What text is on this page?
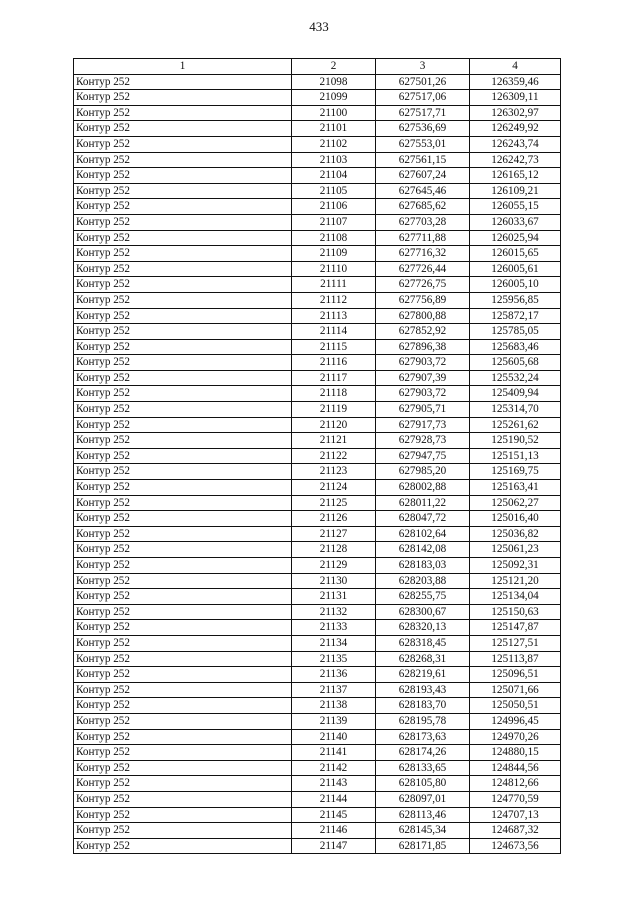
433
1	2	3	4
Контур 252	21098	627501,26	126359,46
Контур 252	21099	627517,06	126309,11
Контур 252	21100	627517,71	126302,97
Контур 252	21101	627536,69	126249,92
Контур 252	21102	627553,01	126243,74
Контур 252	21103	627561,15	126242,73
Контур 252	21104	627607,24	126165,12
Контур 252	21105	627645,46	126109,21
Контур 252	21106	627685,62	126055,15
Контур 252	21107	627703,28	126033,67
Контур 252	21108	627711,88	126025,94
Контур 252	21109	627716,32	126015,65
Контур 252	21110	627726,44	126005,61
Контур 252	21111	627726,75	126005,10
Контур 252	21112	627756,89	125956,85
Контур 252	21113	627800,88	125872,17
Контур 252	21114	627852,92	125785,05
Контур 252	21115	627896,38	125683,46
Контур 252	21116	627903,72	125605,68
Контур 252	21117	627907,39	125532,24
Контур 252	21118	627903,72	125409,94
Контур 252	21119	627905,71	125314,70
Контур 252	21120	627917,73	125261,62
Контур 252	21121	627928,73	125190,52
Контур 252	21122	627947,75	125151,13
Контур 252	21123	627985,20	125169,75
Контур 252	21124	628002,88	125163,41
Контур 252	21125	628011,22	125062,27
Контур 252	21126	628047,72	125016,40
Контур 252	21127	628102,64	125036,82
Контур 252	21128	628142,08	125061,23
Контур 252	21129	628183,03	125092,31
Контур 252	21130	628203,88	125121,20
Контур 252	21131	628255,75	125134,04
Контур 252	21132	628300,67	125150,63
Контур 252	21133	628320,13	125147,87
Контур 252	21134	628318,45	125127,51
Контур 252	21135	628268,31	125113,87
Контур 252	21136	628219,61	125096,51
Контур 252	21137	628193,43	125071,66
Контур 252	21138	628183,70	125050,51
Контур 252	21139	628195,78	124996,45
Контур 252	21140	628173,63	124970,26
Контур 252	21141	628174,26	124880,15
Контур 252	21142	628133,65	124844,56
Контур 252	21143	628105,80	124812,66
Контур 252	21144	628097,01	124770,59
Контур 252	21145	628113,46	124707,13
Контур 252	21146	628145,34	124687,32
Контур 252	21147	628171,85	124673,56
